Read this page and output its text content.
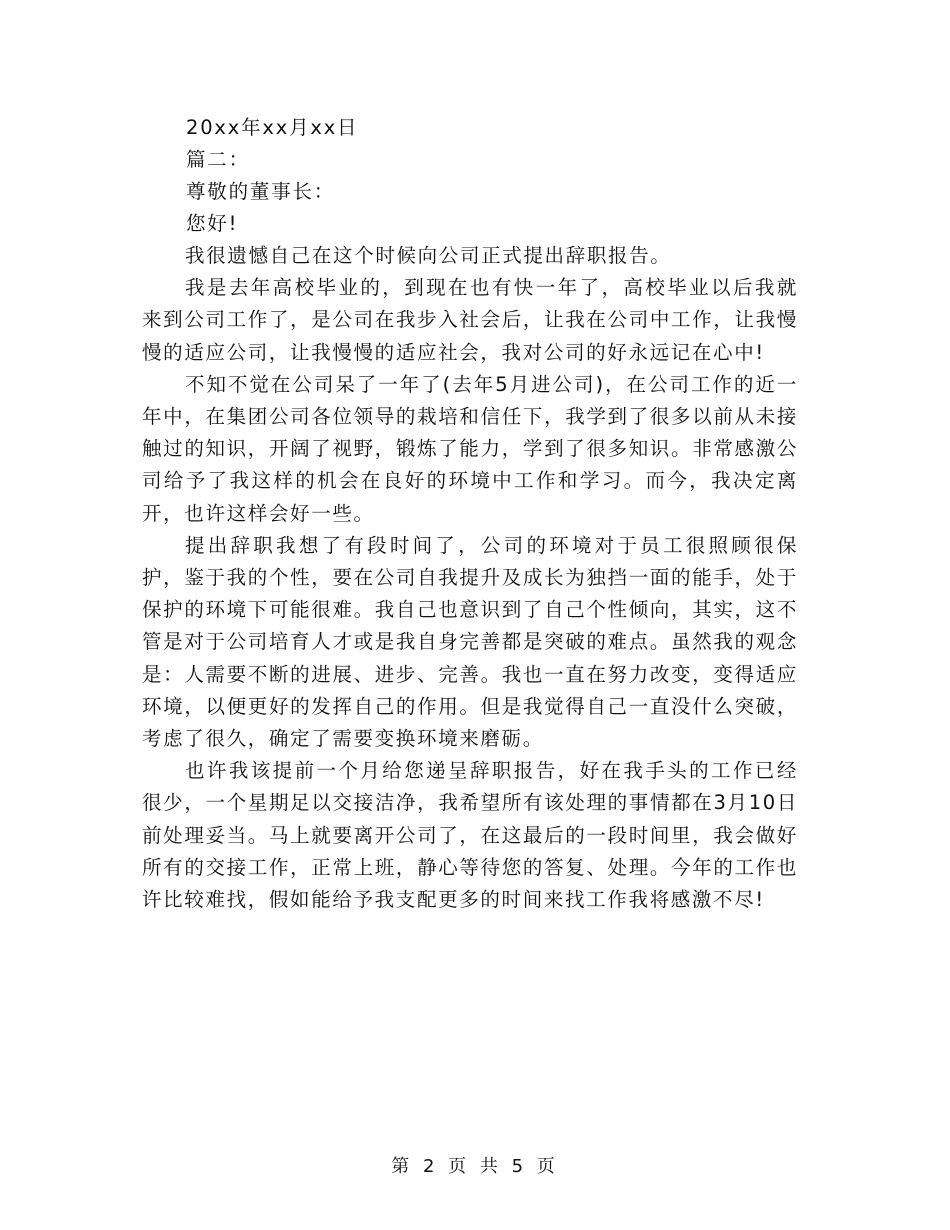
20xx年xx月xx日

篇二：

尊敬的董事长：

您好!

我很遗憾自己在这个时候向公司正式提出辞职报告。

我是去年高校毕业的，到现在也有快一年了，高校毕业以后我就来到公司工作了，是公司在我步入社会后，让我在公司中工作，让我慢慢的适应公司，让我慢慢的适应社会，我对公司的好永远记在心中!

不知不觉在公司呆了一年了(去年5月进公司)，在公司工作的近一年中，在集团公司各位领导的栽培和信任下，我学到了很多以前从未接触过的知识，开阔了视野，锻炼了能力，学到了很多知识。非常感激公司给予了我这样的机会在良好的环境中工作和学习。而今，我决定离开，也许这样会好一些。

提出辞职我想了有段时间了，公司的环境对于员工很照顾很保护，鉴于我的个性，要在公司自我提升及成长为独挡一面的能手，处于保护的环境下可能很难。我自己也意识到了自己个性倾向，其实，这不管是对于公司培育人才或是我自身完善都是突破的难点。虽然我的观念是：人需要不断的进展、进步、完善。我也一直在努力改变，变得适应环境，以便更好的发挥自己的作用。但是我觉得自己一直没什么突破，考虑了很久，确定了需要变换环境来磨砺。

也许我该提前一个月给您递呈辞职报告，好在我手头的工作已经很少，一个星期足以交接洁净，我希望所有该处理的事情都在3月10日前处理妥当。马上就要离开公司了，在这最后的一段时间里，我会做好所有的交接工作，正常上班，静心等待您的答复、处理。今年的工作也许比较难找，假如能给予我支配更多的时间来找工作我将感激不尽!

第 2 页 共 5 页
